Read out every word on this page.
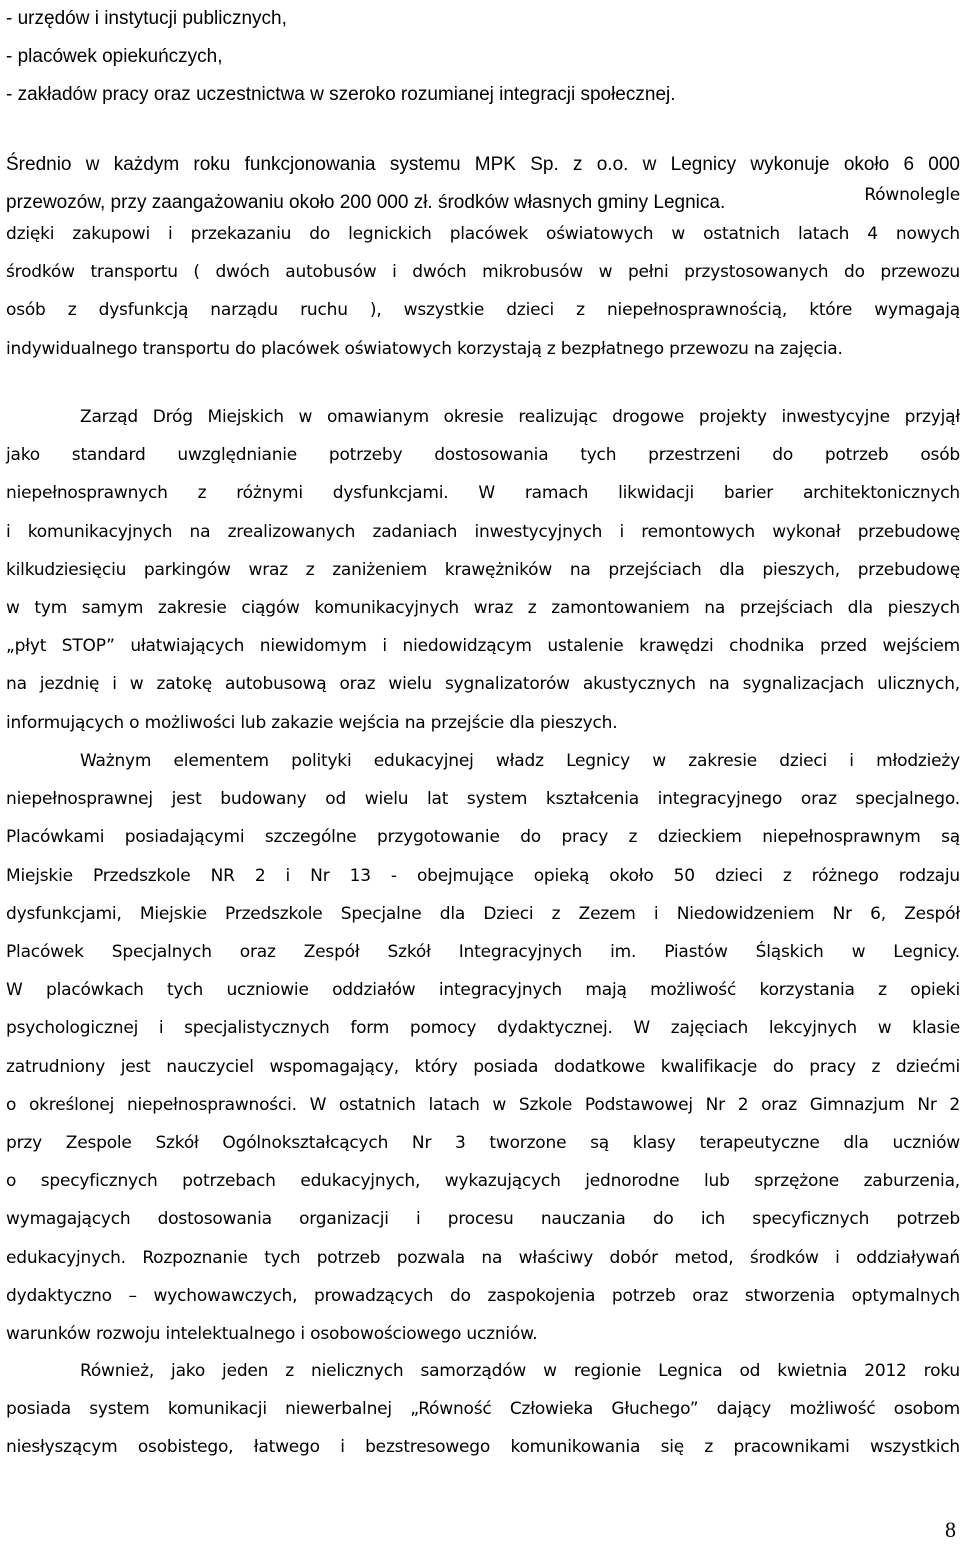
- urzędów i instytucji publicznych,

- placówek opiekuńczych,

- zakładów pracy oraz uczestnictwa w szeroko rozumianej integracji społecznej.

Średnio w każdym roku funkcjonowania systemu MPK Sp. z o.o. w Legnicy wykonuje około 6 000

przewozów, przy zaangażowaniu około 200 000 zł. środków własnych gminy Legnica.	Równolegle

dzięki zakupowi i przekazaniu do legnickich placówek oświatowych w ostatnich latach 4 nowych

środków transportu ( dwóch autobusów i dwóch mikrobusów w pełni przystosowanych do przewozu

osób z dysfunkcją narządu ruchu ), wszystkie dzieci z niepełnosprawnością, które wymagają

indywidualnego transportu do placówek oświatowych korzystają z bezpłatnego przewozu na zajęcia.

Zarząd Dróg Miejskich w omawianym okresie realizując drogowe projekty inwestycyjne przyjął

jako standard uwzględnianie potrzeby dostosowania tych przestrzeni do potrzeb osób

niepełnosprawnych z różnymi dysfunkcjami. W ramach likwidacji barier architektonicznych

i komunikacyjnych na zrealizowanych zadaniach inwestycyjnych i remontowych wykonał przebudowę

kilkudziesięciu parkingów wraz z zaniżeniem krawężników na przejściach dla pieszych, przebudowę

w tym samym zakresie ciągów komunikacyjnych wraz z zamontowaniem na przejściach dla pieszych

„płyt STOP” ułatwiających niewidomym i niedowidzącym ustalenie krawędzi chodnika przed wejściem

na jezdnię i w zatokę autobusową oraz wielu sygnalizatorów akustycznych na sygnalizacjach ulicznych,

informujących o możliwości lub zakazie wejścia na przejście dla pieszych.

Ważnym elementem polityki edukacyjnej władz Legnicy w zakresie dzieci i młodzieży

niepełnosprawnej jest budowany od wielu lat system kształcenia integracyjnego oraz specjalnego.

Placówkami posiadającymi szczególne przygotowanie do pracy z dzieckiem niepełnosprawnym są

Miejskie Przedszkole NR 2 i Nr 13 - obejmujące opieką około 50 dzieci z różnego rodzaju

dysfunkcjami, Miejskie Przedszkole Specjalne dla Dzieci z Zezem i Niedowidzeniem Nr 6, Zespół

Placówek Specjalnych oraz Zespół Szkół Integracyjnych im. Piastów Śląskich w Legnicy.

W placówkach tych uczniowie oddziałów integracyjnych mają możliwość korzystania z opieki

psychologicznej i specjalistycznych form pomocy dydaktycznej. W zajęciach lekcyjnych w klasie

zatrudniony jest nauczyciel wspomagający, który posiada dodatkowe kwalifikacje do pracy z dziećmi

o określonej niepełnosprawności. W ostatnich latach w Szkole Podstawowej Nr 2 oraz Gimnazjum Nr 2

przy Zespole Szkół Ogólnokształcących Nr 3 tworzone są klasy terapeutyczne dla uczniów

o specyficznych potrzebach edukacyjnych, wykazujących jednorodne lub sprzężone zaburzenia,

wymagających dostosowania organizacji i procesu nauczania do ich specyficznych potrzeb

edukacyjnych. Rozpoznanie tych potrzeb pozwala na właściwy dobór metod, środków i oddziaływań

dydaktyczno – wychowawczych, prowadzących do zaspokojenia potrzeb oraz stworzenia optymalnych

warunków rozwoju intelektualnego i osobowościowego uczniów.

Również, jako jeden z nielicznych samorządów w regionie Legnica od kwietnia 2012 roku

posiada system komunikacji niewerbalnej „Równość Człowieka Głuchego” dający możliwość osobom

niesłyszącym osobistego, łatwego i bezstresowego komunikowania się z pracownikami wszystkich

8
